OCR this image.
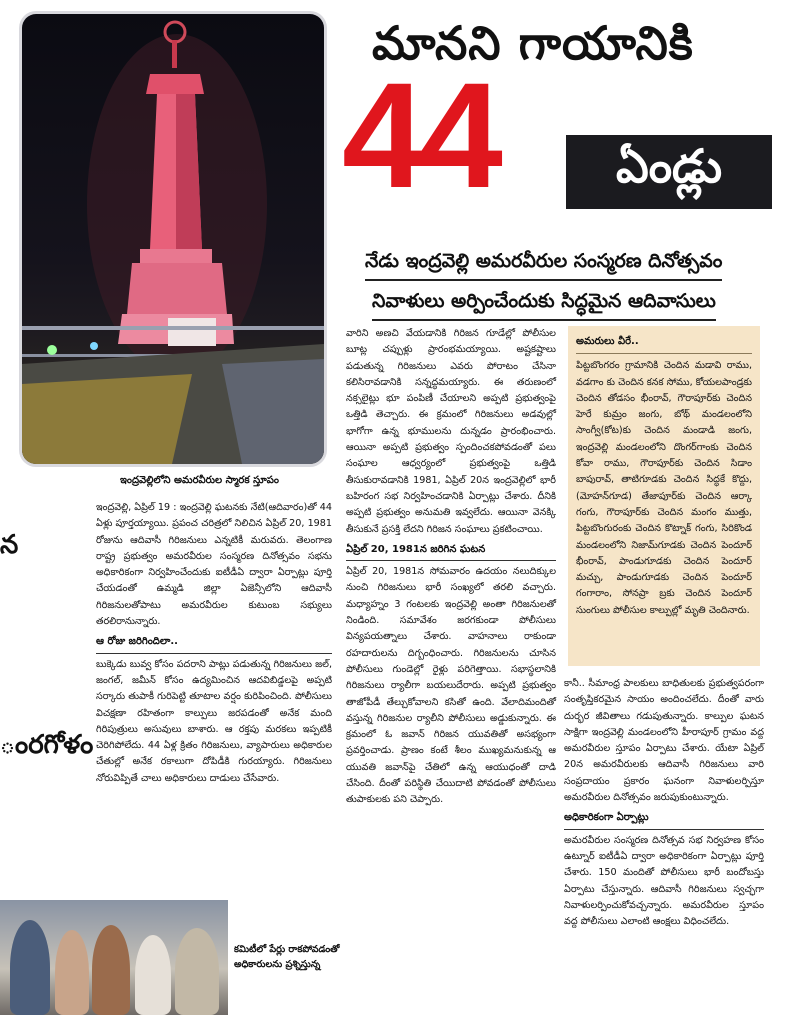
ఇంద్రవెల్లిలోని అమరవీరుల స్మారక స్తూపం
మానని గాయానికి
44	ఏండ్లు
నేడు ఇంద్రవెల్లి అమరవీరుల సంస్మరణ దినోత్సవం
నివాళులు అర్పించేందుకు సిద్ధమైన ఆదివాసులు

ఇంద్రవెల్లి, ఏప్రిల్‌ 19 : ఇంద్రవెల్లి ఘటనకు నేటి(ఆదివారం)తో 44 ఏళ్లు పూర్తయ్యాయి. ప్రపంచ చరిత్రలో నిలిచిన ఏప్రిల్‌ 20, 1981 రోజును ఆదివాసీ గిరిజనులు ఎన్నటికీ మరువరు. తెలంగాణ రాష్ట్ర ప్రభుత్వం అమరవీరుల సంస్మరణ దినోత్సవం సభను అధికారికంగా నిర్వహించేందుకు ఐటీడీఏ ద్వారా ఏర్పాట్లు పూర్తి చేయడంతో ఉమ్మడి జిల్లా ఏజెన్సీలోని ఆదివాసీ గిరిజనులతోపాటు అమరవీరుల కుటుంబ సభ్యులు తరలిరానున్నారు.

ఆ రోజు జరిగిందిలా..

బుక్కెడు బువ్వ కోసం పదరాని పాట్లు పడుతున్న గిరిజనులు జల్‌, జంగల్‌, జమీన్‌ కోసం ఉద్యమించిన ఆదవిబిడ్డలపై అప్పటి సర్కారు తుపాకీ గురిపెట్టి తూటాల వర్షం కురిపించింది. పోలీసులు విచక్షణా రహితంగా కాల్పులు జరపడంతో అనేక మంది గిరిపుత్రులు అసువులు బాశారు. ఆ రక్తపు మరకలు ఇప్పటికీ చెరిగిపోలేదు. 44 ఏళ్ల క్రితం గిరిజనులు, వ్యాపారులు అధికారుల చేతుల్లో అనేక రకాలుగా దోపిడీకి గురయ్యారు. గిరిజనులు నోరువిప్పితే చాలు అధికారులు దాడులు చేసేవారు.

వారిని అణచి వేయడానికి గిరిజన గూడేల్లో పోలీసుల బూట్ల చప్పుళ్లు ప్రారంభమయ్యాయి. అష్టకష్టాలు పడుతున్న గిరిజనులు ఎవరు పోరాటం చేసినా కలిసిరావడానికి సన్నద్ధమయ్యారు. ఈ తరుణంలో నక్సలైట్లు భూ పంపిణీ చేయాలని అప్పటి ప్రభుత్వంపై ఒత్తిడి తెచ్చారు. ఈ క్రమంలో గిరిజనులు అడవుల్లో భాగోగా ఉన్న భూములను దున్నడం ప్రారంభించారు. ఆయినా అప్పటి ప్రభుత్వం స్పందించకపోవడంతో పలు సంఘాల ఆధ్వర్యంలో ప్రభుత్వంపై ఒత్తిడి తీసుకురావడానికి 1981, ఏప్రిల్‌ 20న ఇంద్రవెల్లిలో భారీ బహిరంగ సభ నిర్వహించడానికి ఏర్పాట్లు చేశారు. దీనికి అప్పటి ప్రభుత్వం అనుమతి ఇవ్వలేదు. ఆయినా వెనక్కి తీసుకునే ప్రసక్తి లేదని గిరిజన సంఘాలు ప్రకటించాయి.

ఏప్రిల్‌ 20, 1981న జరిగిన ఘటన

ఏప్రిల్‌ 20, 1981న సోమవారం ఉదయం నలుదిక్కుల నుంచి గిరిజనులు భారీ సంఖ్యలో తరలి వచ్చారు. మధ్యాహ్నం 3 గంటలకు ఇంద్రవెల్లి అంతా గిరిజనులతో నిండింది. సమావేశం జరగకుండా పోలీసులు విన్యపయత్నాలు చేశారు. వాహనాలు రాకుండా రహదారులను దిగ్బంధించారు. గిరిజనులను చూసిన పోలీసులు గుండెల్లో రైళ్లు పరిగెత్తాయి. సభాస్థలానికి గిరిజనులు ర్యాలీగా బయలుదేరారు. అప్పటి ప్రభుత్వం తాజోపీడీ తేల్చుకోవాలని కసితో ఉంది. వేలాదిమందితో వస్తున్న గిరిజనుల ర్యాలీని పోలీసులు అడ్డుకున్నారు. ఈ క్రమంలో ఓ జవాన్‌ గిరిజన యువతితో అసభ్యంగా ప్రవర్తించాడు. ప్రాణం కంటే శీలం ముఖ్యమనుకున్న ఆ యువతి జవాన్‌పై చేతిలో ఉన్న ఆయుధంతో దాడి చేసింది. దీంతో పరిస్థితి చేయిదాటి పోవడంతో పోలీసులు తుపాకులకు పని చెప్పారు.

అమరులు వీరే..

పిట్టబొంగరం గ్రామానికి చెందిన మడావి రాము, వడగాం కు చెందిన కనక సోము, కోయలపాండ్రకు చెందిన తోడసం భీంరావ్‌, గౌరాపూర్‌కు చెందిన హెరే కుమ్రం జంగు, బోథ్‌ మండలంలోని సాంగ్వీ(కోట)కు చెందిన మండాడి జంగు, ఇంద్రవెల్లి మండలంలోని దొంగర్‌గాంకు చెందిన కోవా రాము, గౌరాపూర్‌కు చెందిన సిడాం బాపురావ్‌, తాటిగూడకు చెందిన సిద్ధకే కొద్దు, (మోహన్‌గూడ) తేజాపూర్‌కు చెందిన ఆర్కా గంగు, గౌరాపూర్‌కు చెందిన మంగం ముత్తు, పిట్టబొంగురంకు చెందిన కొట్నాక్‌ గంగు, సిరికొండ మండలంలోని నిజామ్‌గూడకు చెందిన పెందూర్‌ భీంరావ్‌, పాండుగూడకు చెందిన పెందూర్‌ మచ్చు, పాండుగూడకు చెందిన పెందూర్‌ గంగారాం, సోనప్రా బ్రకు చెందిన పెందూర్‌ సుంగులు పోలీసుల కాల్పుల్లో మృతి చెందినారు.

కానీ.. సీమాంధ్ర పాలకులు బాధితులకు ప్రభుత్వపరంగా సంతృప్తికరమైన సాయం అందించలేదు. దీంతో వారు దుర్భర జీవితాలు గడుపుతున్నారు. కాల్పుల ఘటన సాక్షిగా ఇంద్రవెల్లి మండలంలోని హీరాపూర్‌ గ్రామం వద్ద అమరవీరుల స్తూపం ఏర్పాటు చేశారు. యేటా ఏప్రిల్‌ 20న అమరవీరులకు ఆదివాసీ గిరిజనులు వారి సంప్రదాయం ప్రకారం ఘనంగా నివాళులర్పిస్తూ అమరవీరుల దినోత్సవం జరుపుకుంటున్నారు.

అధికారికంగా ఏర్పాట్లు

అమరవీరుల సంస్మరణ దినోత్సవ సభ నిర్వహణ కోసం ఉట్నూర్‌ ఐటీడీఏ ద్వారా అధికారికంగా ఏర్పాట్లు పూర్తి చేశారు. 150 మందితో పోలీసులు భారీ బందోబస్తు ఏర్పాటు చేస్తున్నారు. ఆదివాసీ గిరిజనులు స్వచ్ఛగా నివాళులర్పించుకోవచ్చన్నారు. అమరవీరుల స్తూపం వద్ద పోలీసులు ఎలాంటి ఆంక్షలు విధించలేదు.

న
ంరగోళం
కమిటీలో పేర్లు రాకపోవడంతో అధికారులను ప్రశ్నిస్తున్న
